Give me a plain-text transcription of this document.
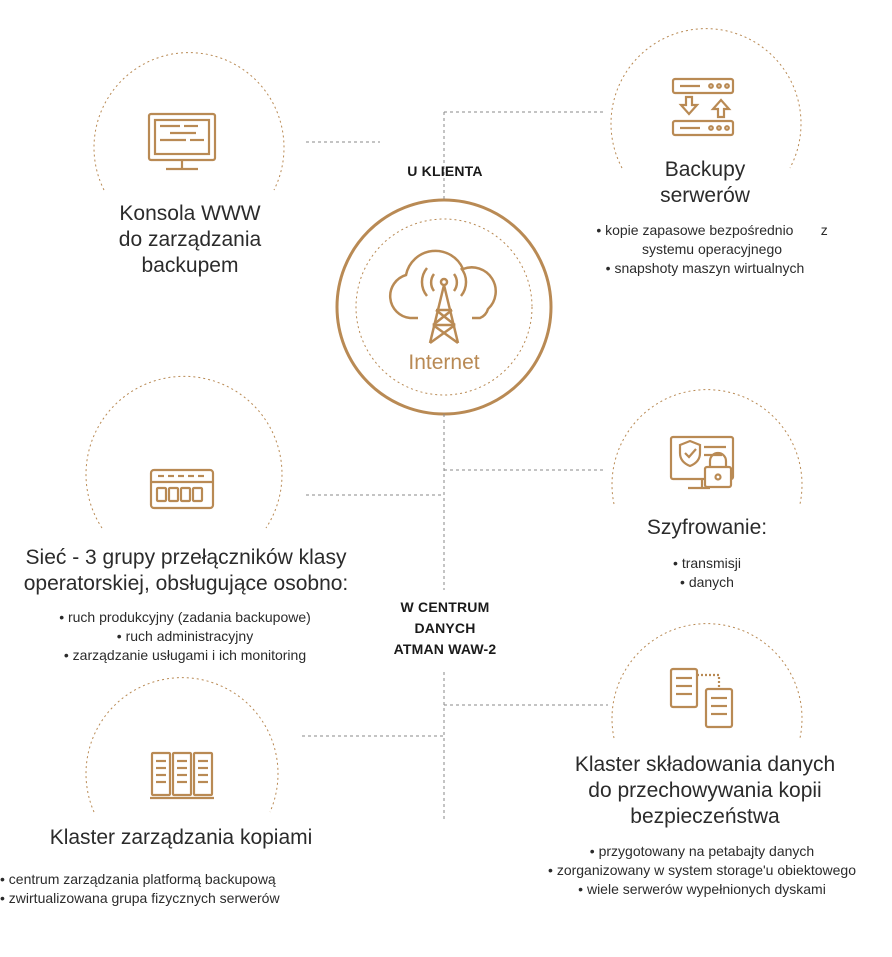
U KLIENTA
W CENTRUM
DANYCH
ATMAN WAW-2
Internet
Konsola WWW
do zarządzania
backupem
Backupy
serwerów
• kopie zapasowe bezpośrednio       z systemu operacyjnego
• snapshoty maszyn wirtualnych
Sieć - 3 grupy przełączników klasy
operatorskiej, obsługujące osobno:
• ruch produkcyjny (zadania backupowe)
• ruch administracyjny
• zarządzanie usługami i ich monitoring
Szyfrowanie:
• transmisji
• danych
Klaster zarządzania kopiami
• centrum zarządzania platformą backupową
• zwirtualizowana grupa fizycznych serwerów
Klaster składowania danych
do przechowywania kopii
bezpieczeństwa
• przygotowany na petabajty danych
• zorganizowany w system storage'u obiektowego
• wiele serwerów wypełnionych dyskami
